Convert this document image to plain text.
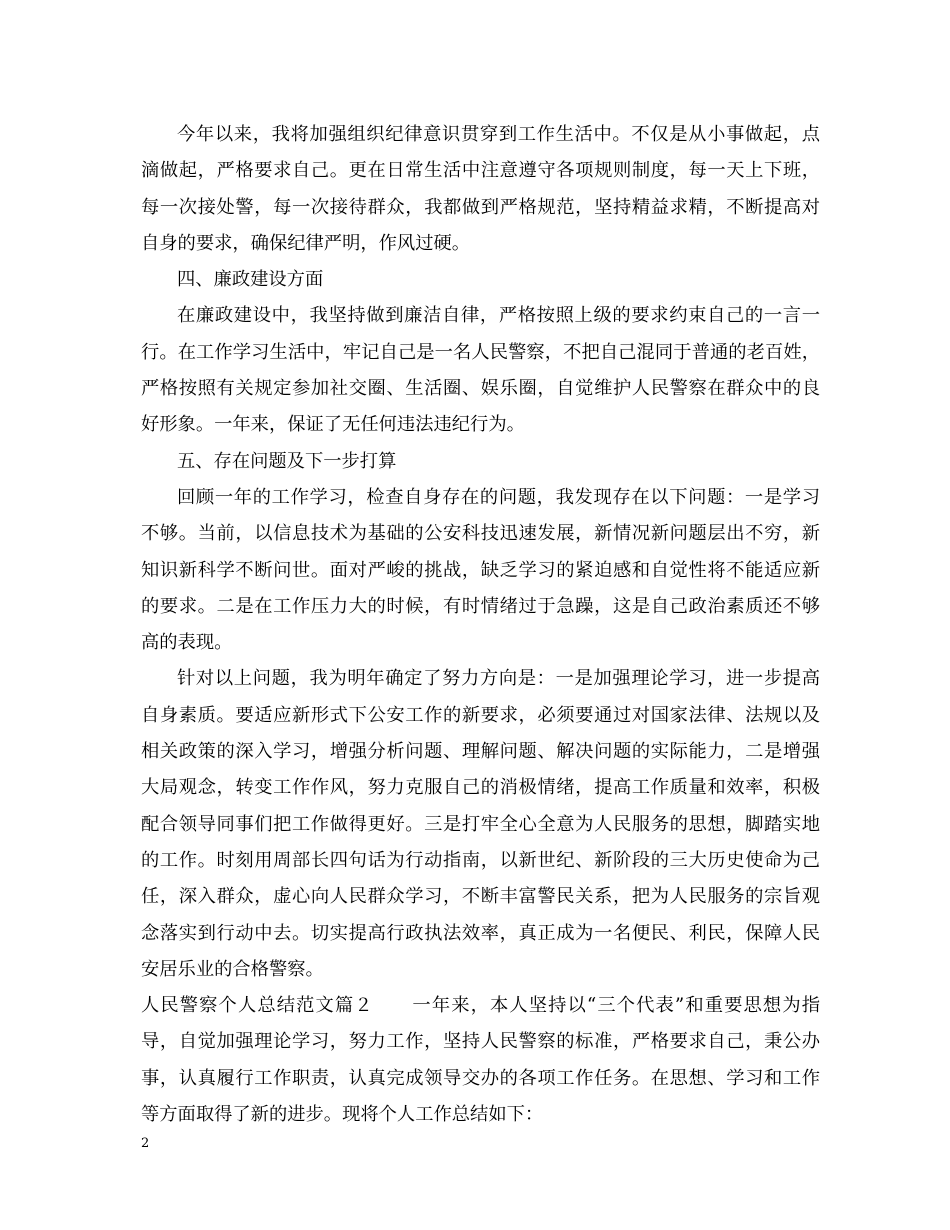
今年以来，我将加强组织纪律意识贯穿到工作生活中。不仅是从小事做起，点
滴做起，严格要求自己。更在日常生活中注意遵守各项规则制度，每一天上下班，
每一次接处警，每一次接待群众，我都做到严格规范，坚持精益求精，不断提高对
自身的要求，确保纪律严明，作风过硬。
四、廉政建设方面
在廉政建设中，我坚持做到廉洁自律，严格按照上级的要求约束自己的一言一
行。在工作学习生活中，牢记自己是一名人民警察，不把自己混同于普通的老百姓，
严格按照有关规定参加社交圈、生活圈、娱乐圈，自觉维护人民警察在群众中的良
好形象。一年来，保证了无任何违法违纪行为。
五、存在问题及下一步打算
回顾一年的工作学习，检查自身存在的问题，我发现存在以下问题：一是学习
不够。当前，以信息技术为基础的公安科技迅速发展，新情况新问题层出不穷，新
知识新科学不断问世。面对严峻的挑战，缺乏学习的紧迫感和自觉性将不能适应新
的要求。二是在工作压力大的时候，有时情绪过于急躁，这是自己政治素质还不够
高的表现。
针对以上问题，我为明年确定了努力方向是：一是加强理论学习，进一步提高
自身素质。要适应新形式下公安工作的新要求，必须要通过对国家法律、法规以及
相关政策的深入学习，增强分析问题、理解问题、解决问题的实际能力，二是增强
大局观念，转变工作作风，努力克服自己的消极情绪，提高工作质量和效率，积极
配合领导同事们把工作做得更好。三是打牢全心全意为人民服务的思想，脚踏实地
的工作。时刻用周部长四句话为行动指南，以新世纪、新阶段的三大历史使命为己
任，深入群众，虚心向人民群众学习，不断丰富警民关系，把为人民服务的宗旨观
念落实到行动中去。切实提高行政执法效率，真正成为一名便民、利民，保障人民
安居乐业的合格警察。
人民警察个人总结范文篇２　　一年来，本人坚持以“三个代表”和重要思想为指
导，自觉加强理论学习，努力工作，坚持人民警察的标准，严格要求自己，秉公办
事，认真履行工作职责，认真完成领导交办的各项工作任务。在思想、学习和工作
等方面取得了新的进步。现将个人工作总结如下：
2
